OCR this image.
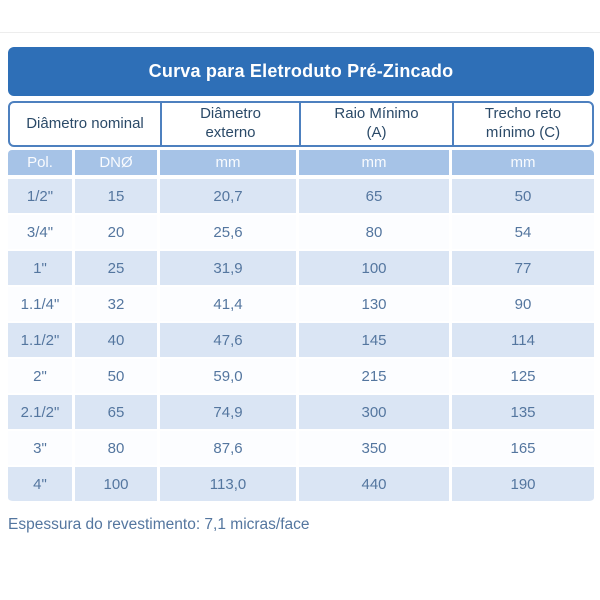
Curva para Eletroduto Pré-Zincado
Diâmetro nominal
Diâmetro
externo
Raio Mínimo
(A)
Trecho reto
mínimo (C)
Pol.	DNØ	mm	mm	mm
1/2"	15	20,7	65	50
3/4"	20	25,6	80	54
1"	25	31,9	100	77
1.1/4"	32	41,4	130	90
1.1/2"	40	47,6	145	114
2"	50	59,0	215	125
2.1/2"	65	74,9	300	135
3"	80	87,6	350	165
4"	100	113,0	440	190
Espessura do revestimento: 7,1 micras/face
